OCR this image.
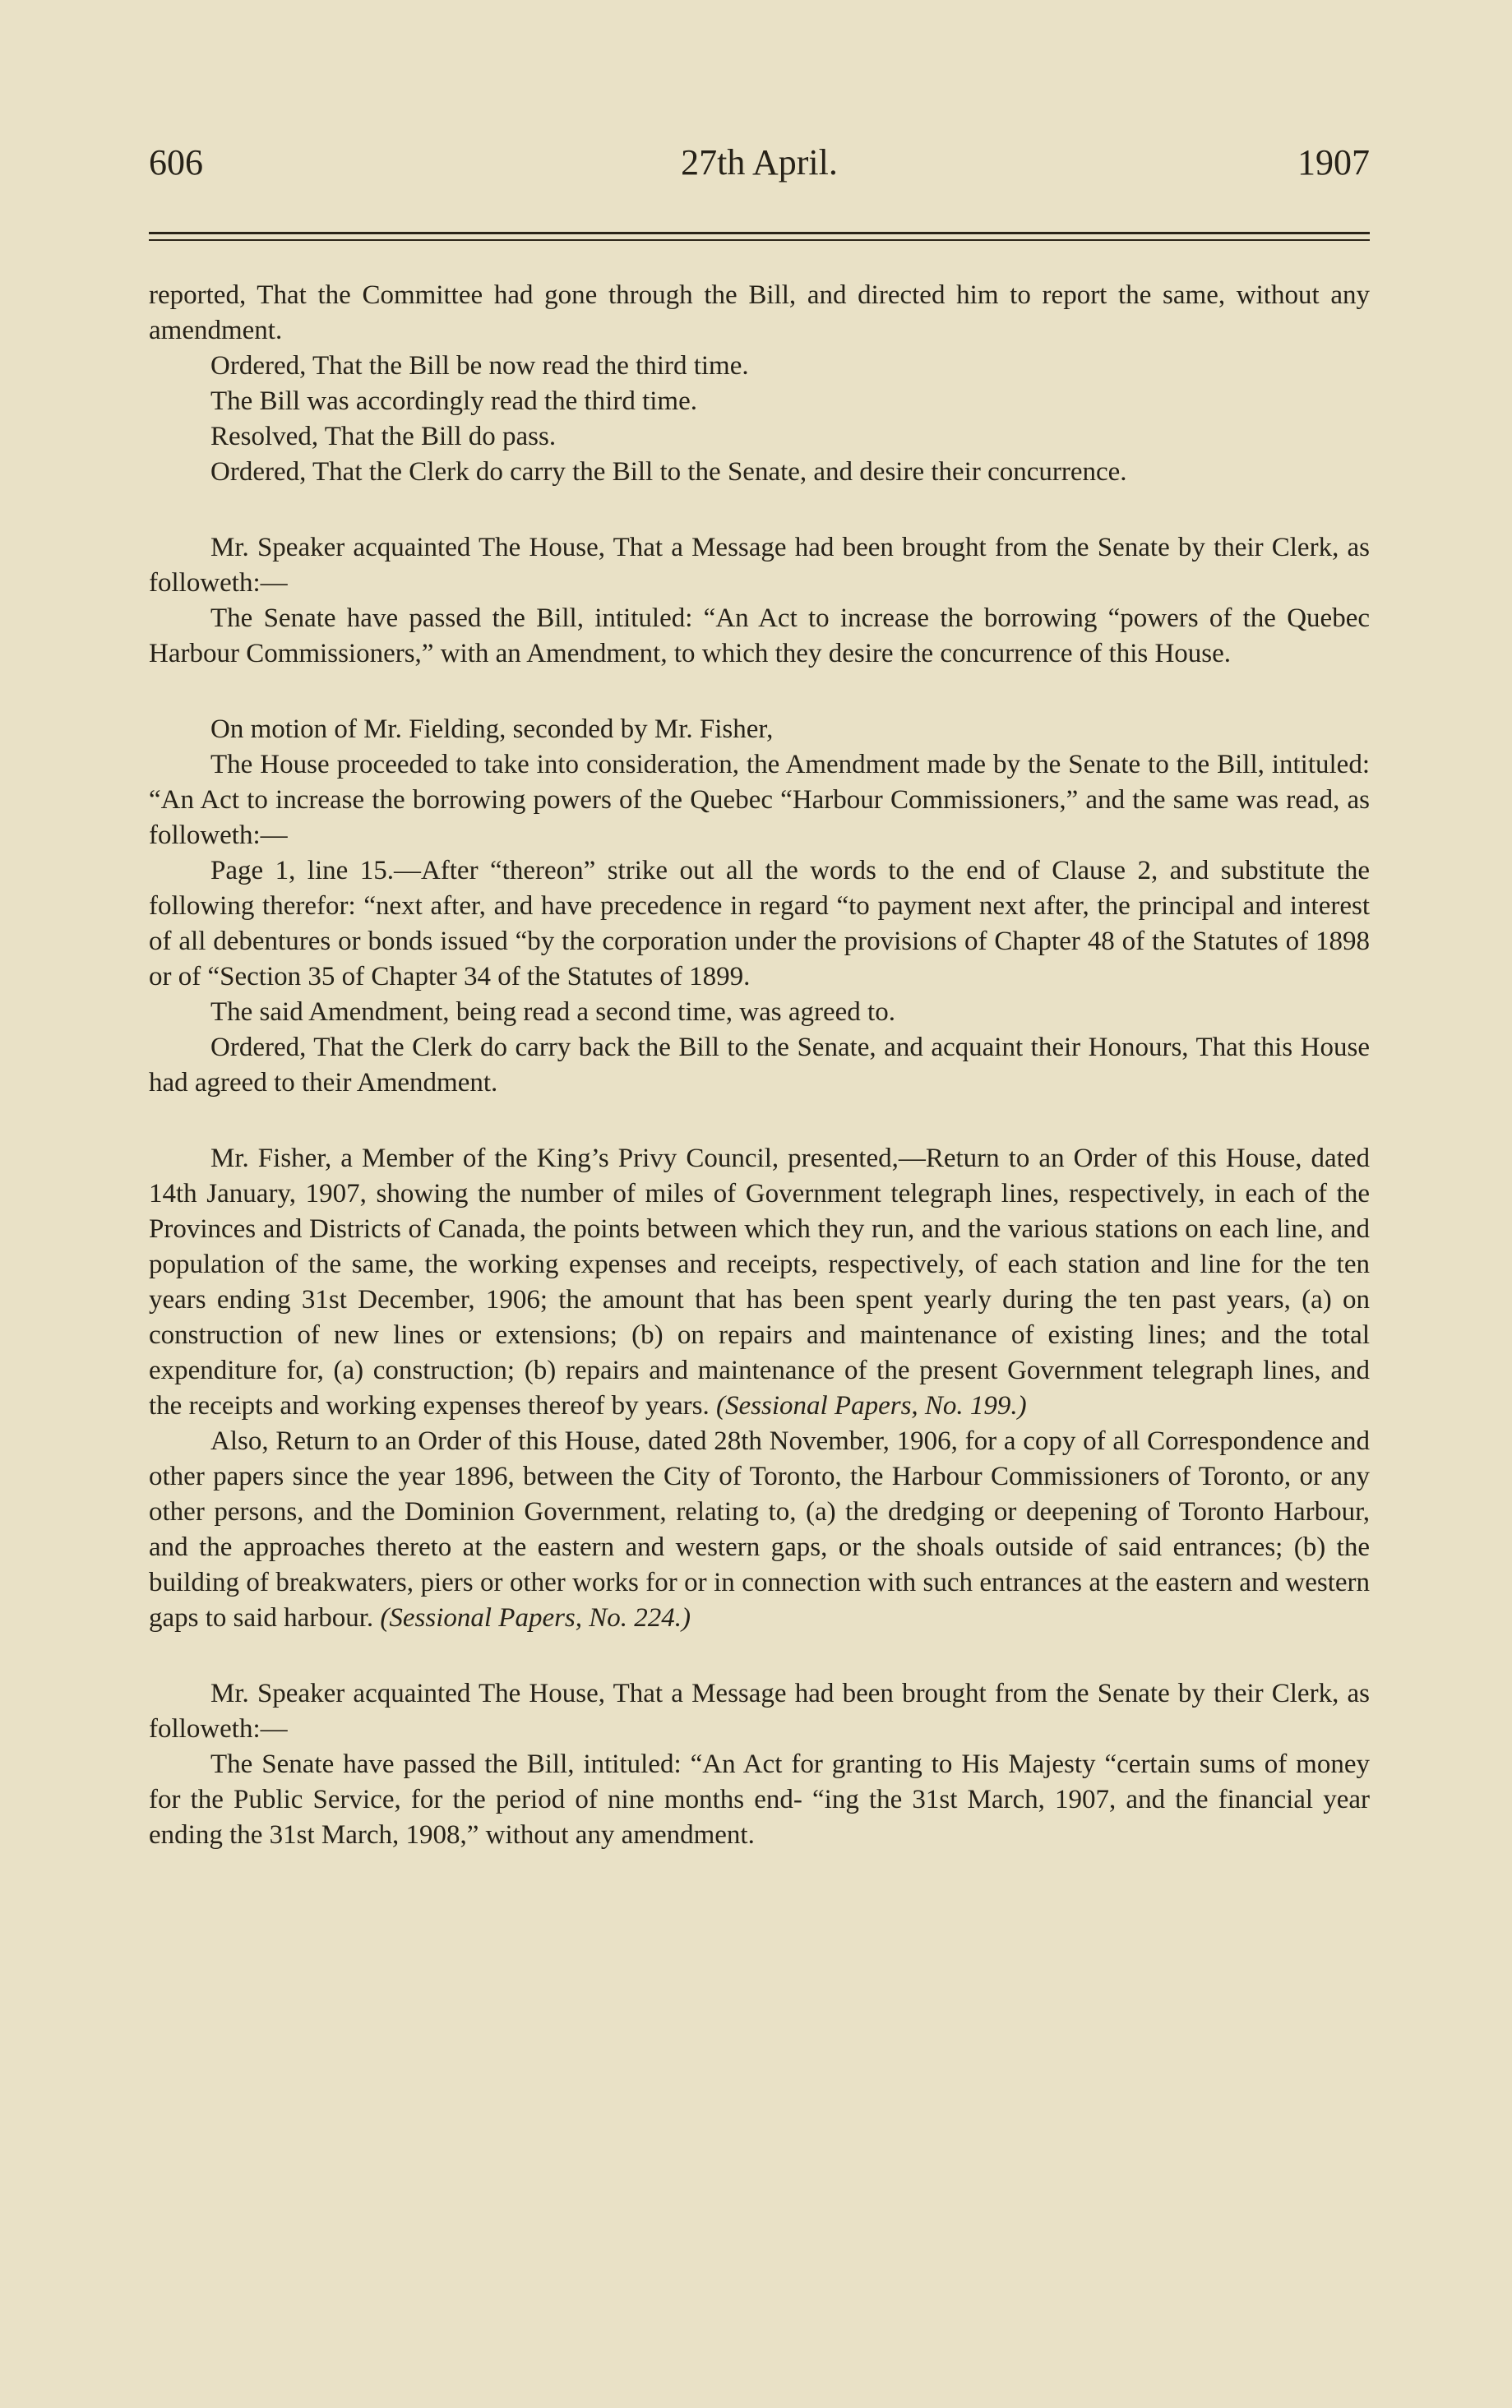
606	27th April.	1907

reported, That the Committee had gone through the Bill, and directed him to report the same, without any amendment.

Ordered, That the Bill be now read the third time.

The Bill was accordingly read the third time.

Resolved, That the Bill do pass.

Ordered, That the Clerk do carry the Bill to the Senate, and desire their concurrence.

Mr. Speaker acquainted The House, That a Message had been brought from the Senate by their Clerk, as followeth:—

The Senate have passed the Bill, intituled: “An Act to increase the borrowing “powers of the Quebec Harbour Commissioners,” with an Amendment, to which they desire the concurrence of this House.

On motion of Mr. Fielding, seconded by Mr. Fisher,

The House proceeded to take into consideration, the Amendment made by the Senate to the Bill, intituled: “An Act to increase the borrowing powers of the Quebec “Harbour Commissioners,” and the same was read, as followeth:—

Page 1, line 15.—After “thereon” strike out all the words to the end of Clause 2, and substitute the following therefor: “next after, and have precedence in regard “to payment next after, the principal and interest of all debentures or bonds issued “by the corporation under the provisions of Chapter 48 of the Statutes of 1898 or of “Section 35 of Chapter 34 of the Statutes of 1899.

The said Amendment, being read a second time, was agreed to.

Ordered, That the Clerk do carry back the Bill to the Senate, and acquaint their Honours, That this House had agreed to their Amendment.

Mr. Fisher, a Member of the King’s Privy Council, presented,—Return to an Order of this House, dated 14th January, 1907, showing the number of miles of Government telegraph lines, respectively, in each of the Provinces and Districts of Canada, the points between which they run, and the various stations on each line, and population of the same, the working expenses and receipts, respectively, of each station and line for the ten years ending 31st December, 1906; the amount that has been spent yearly during the ten past years, (a) on construction of new lines or extensions; (b) on repairs and maintenance of existing lines; and the total expenditure for, (a) construction; (b) repairs and maintenance of the present Government telegraph lines, and the receipts and working expenses thereof by years. (Sessional Papers, No. 199.)

Also, Return to an Order of this House, dated 28th November, 1906, for a copy of all Correspondence and other papers since the year 1896, between the City of Toronto, the Harbour Commissioners of Toronto, or any other persons, and the Dominion Government, relating to, (a) the dredging or deepening of Toronto Harbour, and the approaches thereto at the eastern and western gaps, or the shoals outside of said entrances; (b) the building of breakwaters, piers or other works for or in connection with such entrances at the eastern and western gaps to said harbour. (Sessional Papers, No. 224.)

Mr. Speaker acquainted The House, That a Message had been brought from the Senate by their Clerk, as followeth:—

The Senate have passed the Bill, intituled: “An Act for granting to His Majesty “certain sums of money for the Public Service, for the period of nine months end- “ing the 31st March, 1907, and the financial year ending the 31st March, 1908,” without any amendment.
